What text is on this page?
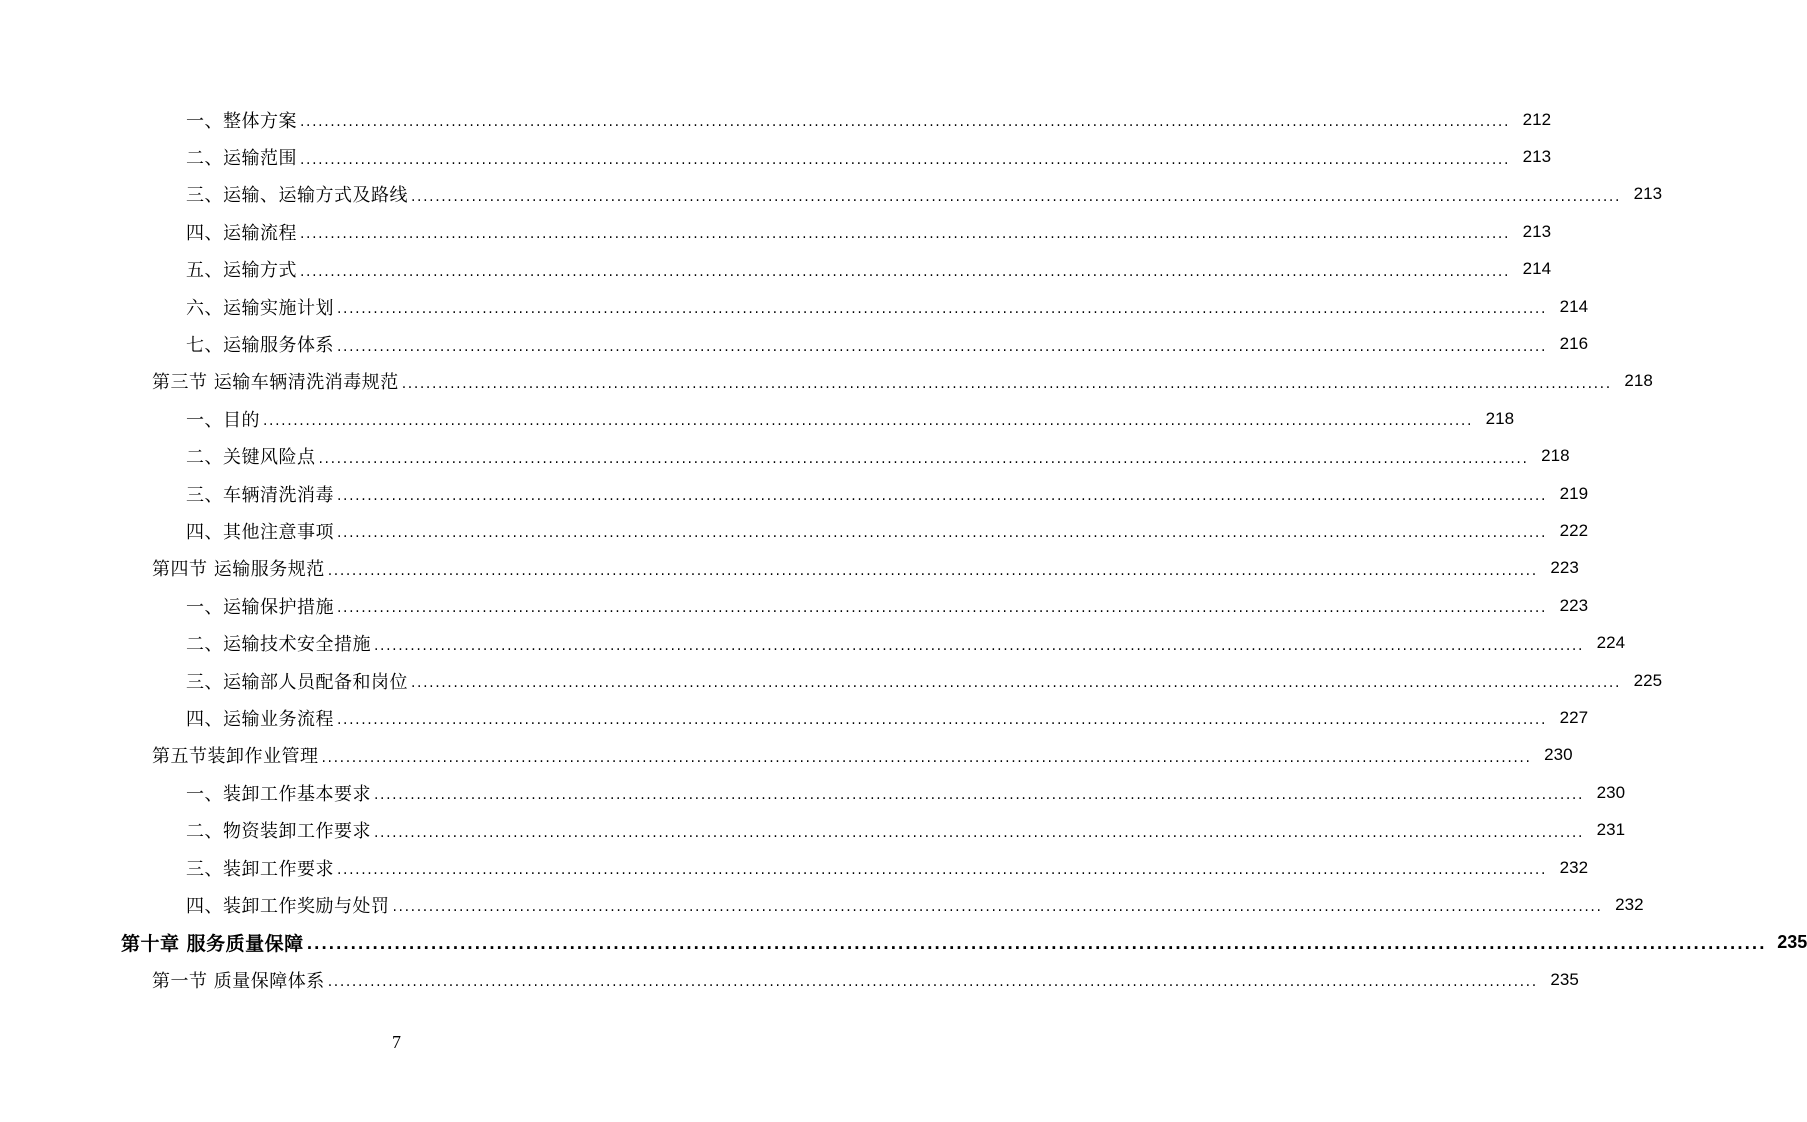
一、整体方案 ........................................................................................................................................................................................................ 212
二、运输范围 ........................................................................................................................................................................................................ 213
三、运输、运输方式及路线 ........................................................................................................................................................................................................ 213
四、运输流程 ........................................................................................................................................................................................................ 213
五、运输方式 ........................................................................................................................................................................................................ 214
六、运输实施计划 ........................................................................................................................................................................................................ 214
七、运输服务体系 ........................................................................................................................................................................................................ 216
第三节 运输车辆清洗消毒规范 ........................................................................................................................................................................................................ 218
一、目的 ........................................................................................................................................................................................................ 218
二、关键风险点 ........................................................................................................................................................................................................ 218
三、车辆清洗消毒 ........................................................................................................................................................................................................ 219
四、其他注意事项 ........................................................................................................................................................................................................ 222
第四节 运输服务规范 ........................................................................................................................................................................................................ 223
一、运输保护措施 ........................................................................................................................................................................................................ 223
二、运输技术安全措施 ........................................................................................................................................................................................................ 224
三、运输部人员配备和岗位 ........................................................................................................................................................................................................ 225
四、运输业务流程 ........................................................................................................................................................................................................ 227
第五节装卸作业管理 ........................................................................................................................................................................................................ 230
一、装卸工作基本要求 ........................................................................................................................................................................................................ 230
二、物资装卸工作要求 ........................................................................................................................................................................................................ 231
三、装卸工作要求 ........................................................................................................................................................................................................ 232
四、装卸工作奖励与处罚 ........................................................................................................................................................................................................ 232
第十章 服务质量保障 ........................................................................................................................................................................................................ 235
第一节 质量保障体系 ........................................................................................................................................................................................................ 235
7
